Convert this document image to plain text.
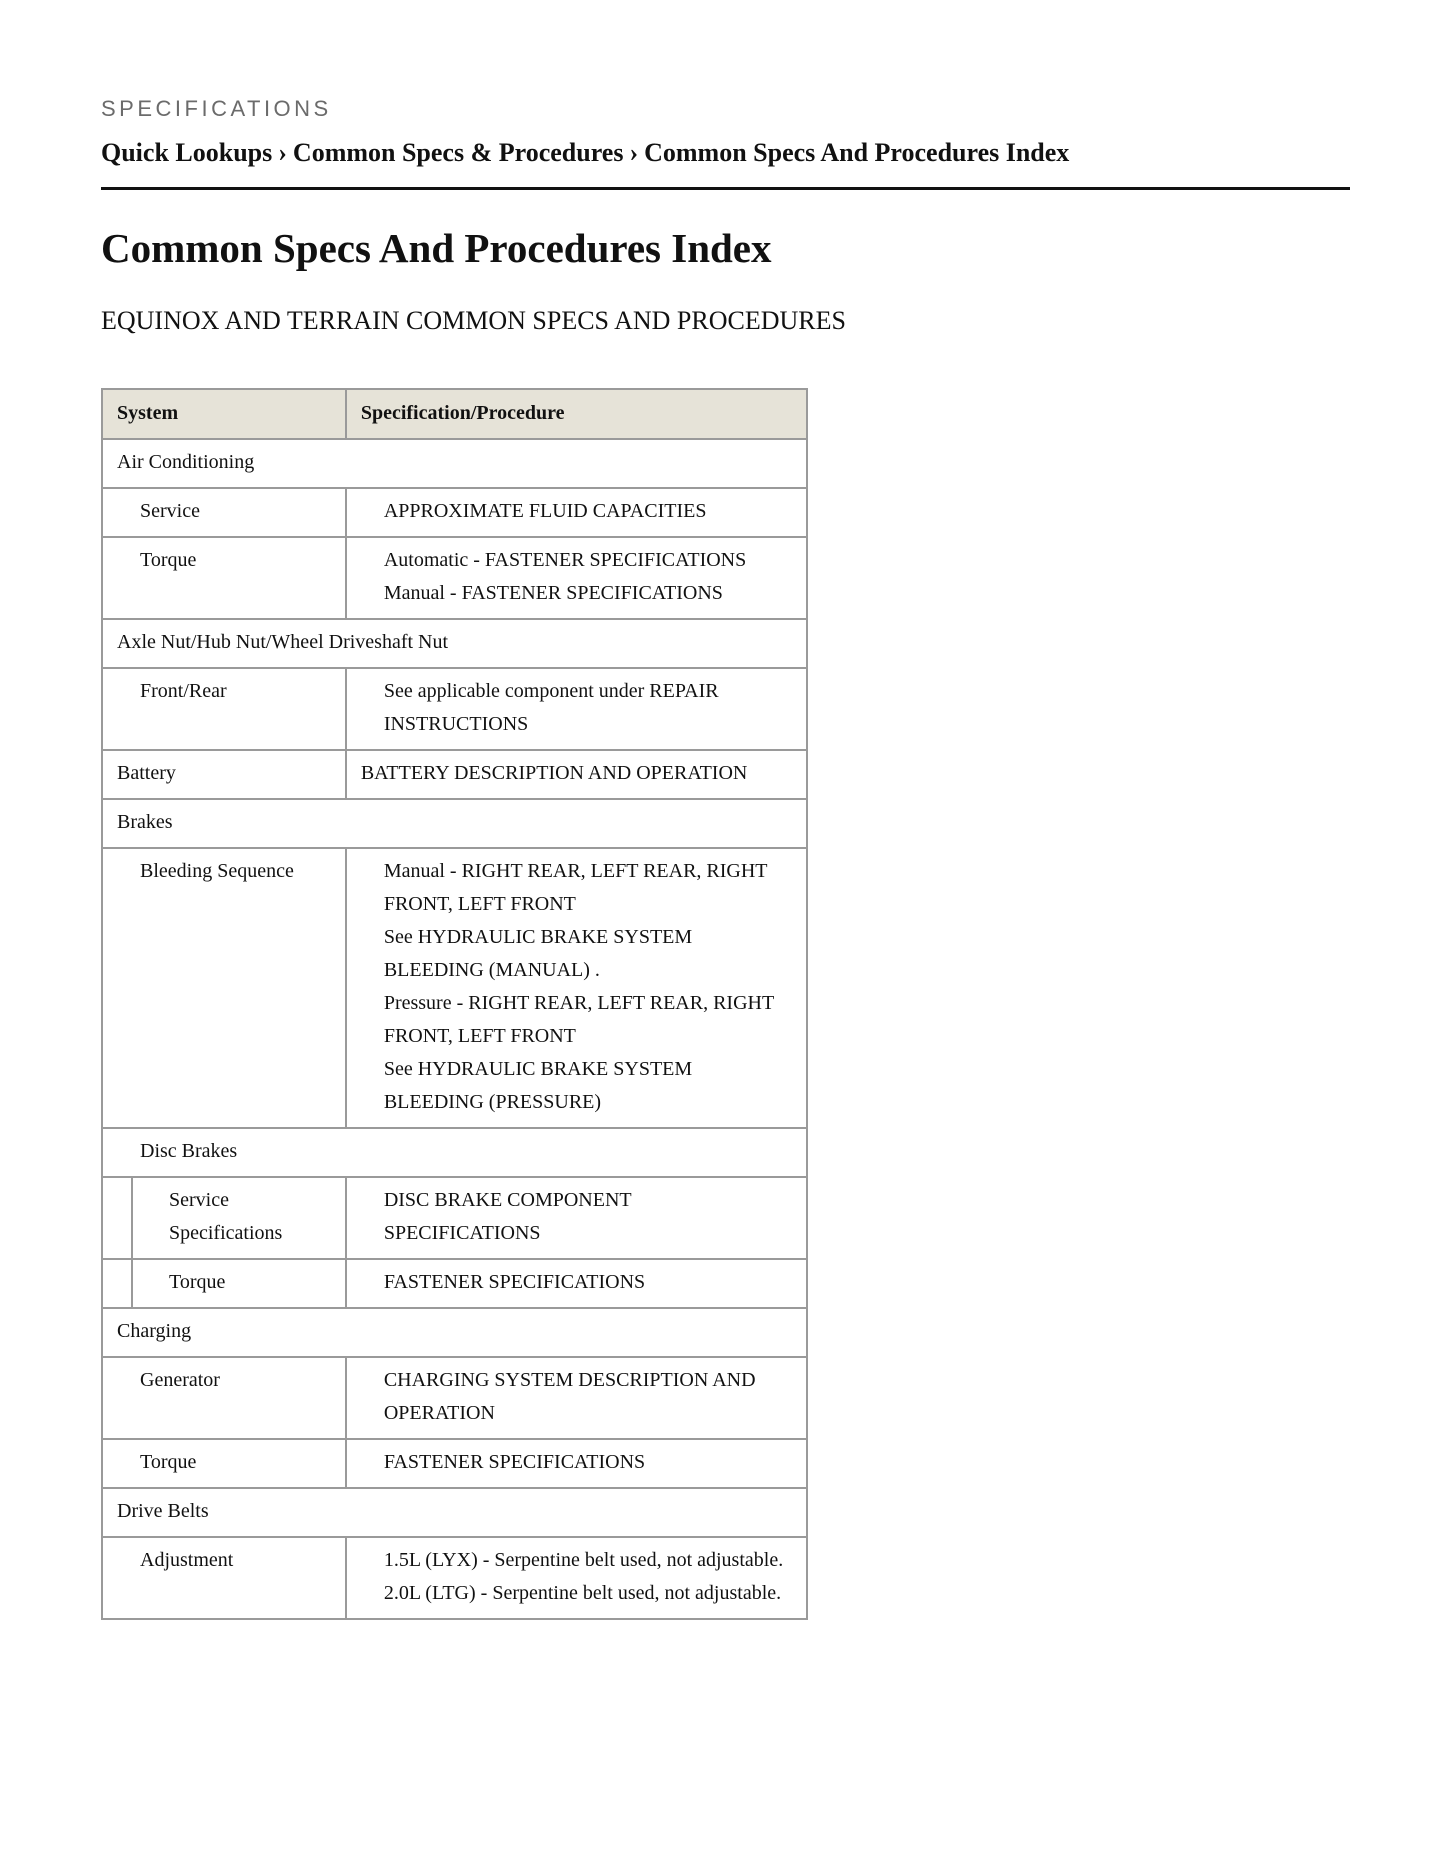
SPECIFICATIONS
Quick Lookups › Common Specs & Procedures › Common Specs And Procedures Index
Common Specs And Procedures Index
EQUINOX AND TERRAIN COMMON SPECS AND PROCEDURES
System		Specification/Procedure
Air Conditioning		
Service		APPROXIMATE FLUID CAPACITIES

Torque		Automatic - FASTENER SPECIFICATIONS
Manual - FASTENER SPECIFICATIONS

Axle Nut/Hub Nut/Wheel Driveshaft Nut		
Front/Rear		See applicable component under REPAIR INSTRUCTIONS

Battery		BATTERY DESCRIPTION AND OPERATION

Brakes		
Bleeding Sequence		Manual - RIGHT REAR, LEFT REAR, RIGHT FRONT, LEFT FRONT
See HYDRAULIC BRAKE SYSTEM BLEEDING (MANUAL) .
Pressure - RIGHT REAR, LEFT REAR, RIGHT FRONT, LEFT FRONT
See HYDRAULIC BRAKE SYSTEM BLEEDING (PRESSURE)

Disc Brakes		
	Service Specifications	DISC BRAKE COMPONENT SPECIFICATIONS

	Torque	FASTENER SPECIFICATIONS

Charging		
Generator		CHARGING SYSTEM DESCRIPTION AND OPERATION

Torque		FASTENER SPECIFICATIONS

Drive Belts		
Adjustment		1.5L (LYX) - Serpentine belt used, not adjustable.
2.0L (LTG) - Serpentine belt used, not adjustable.
